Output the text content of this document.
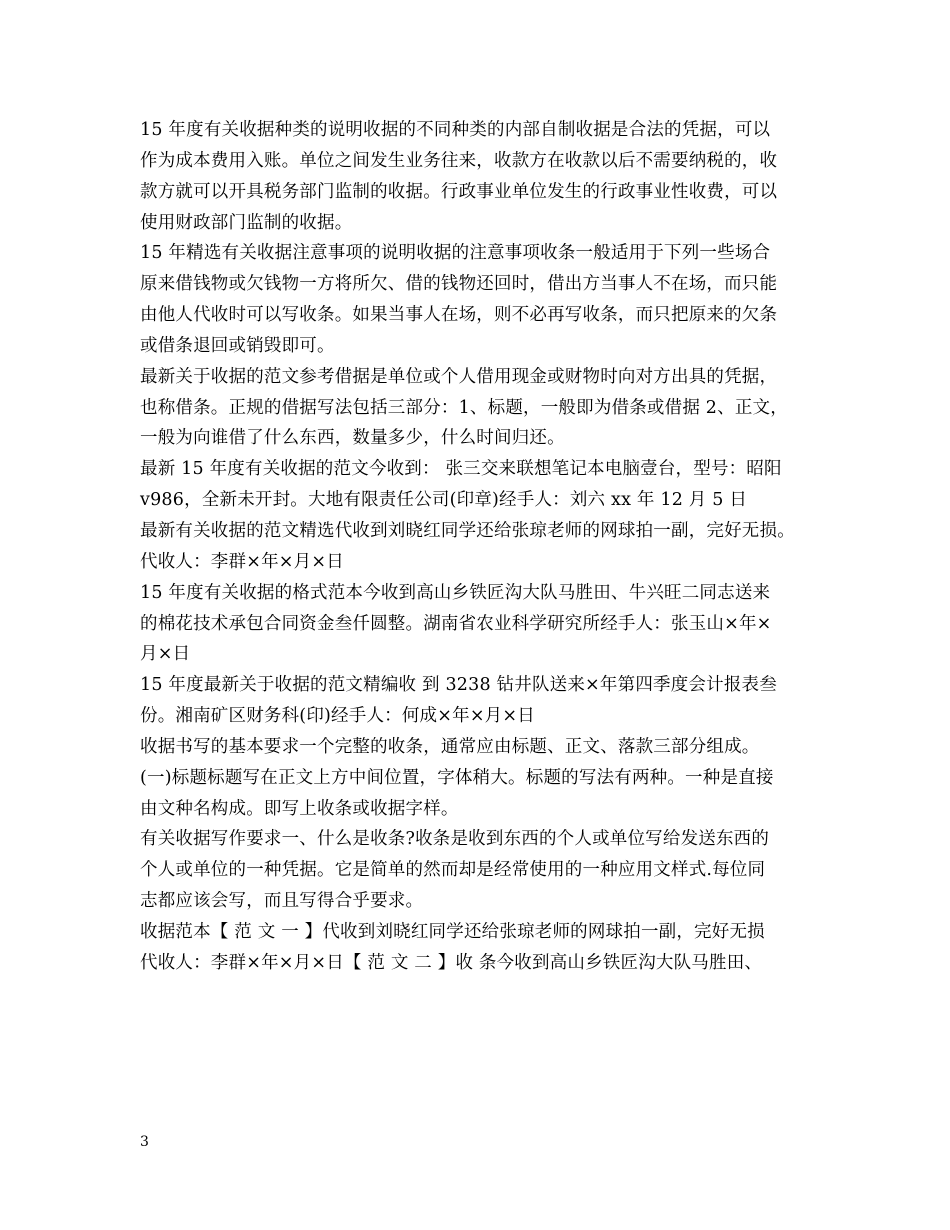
15 年度有关收据种类的说明收据的不同种类的内部自制收据是合法的凭据，可以
作为成本费用入账。单位之间发生业务往来，收款方在收款以后不需要纳税的，收
款方就可以开具税务部门监制的收据。行政事业单位发生的行政事业性收费，可以
使用财政部门监制的收据。
15 年精选有关收据注意事项的说明收据的注意事项收条一般适用于下列一些场合
原来借钱物或欠钱物一方将所欠、借的钱物还回时，借出方当事人不在场，而只能
由他人代收时可以写收条。如果当事人在场，则不必再写收条，而只把原来的欠条
或借条退回或销毁即可。
最新关于收据的范文参考借据是单位或个人借用现金或财物时向对方出具的凭据，
也称借条。正规的借据写法包括三部分：1、标题，一般即为借条或借据 2、正文，
一般为向谁借了什么东西，数量多少，什么时间归还。
最新 15 年度有关收据的范文今收到： 张三交来联想笔记本电脑壹台，型号：昭阳
v986，全新未开封。大地有限责任公司(印章)经手人：刘六 xx 年 12 月 5 日
最新有关收据的范文精选代收到刘晓红同学还给张琼老师的网球拍一副，完好无损。
代收人：李群×年×月×日
15 年度有关收据的格式范本今收到高山乡铁匠沟大队马胜田、牛兴旺二同志送来
的棉花技术承包合同资金叁仟圆整。湖南省农业科学研究所经手人：张玉山×年×
月×日
15 年度最新关于收据的范文精编收 到 3238 钻井队送来×年第四季度会计报表叁
份。湘南矿区财务科(印)经手人：何成×年×月×日
收据书写的基本要求一个完整的收条，通常应由标题、正文、落款三部分组成。
(一)标题标题写在正文上方中间位置，字体稍大。标题的写法有两种。一种是直接
由文种名构成。即写上收条或收据字样。
有关收据写作要求一、什么是收条?收条是收到东西的个人或单位写给发送东西的
个人或单位的一种凭据。它是简单的然而却是经常使用的一种应用文样式.每位同
志都应该会写，而且写得合乎要求。
收据范本【 范 文 一 】代收到刘晓红同学还给张琼老师的网球拍一副，完好无损
代收人：李群×年×月×日【 范 文 二 】收 条今收到高山乡铁匠沟大队马胜田、
3
